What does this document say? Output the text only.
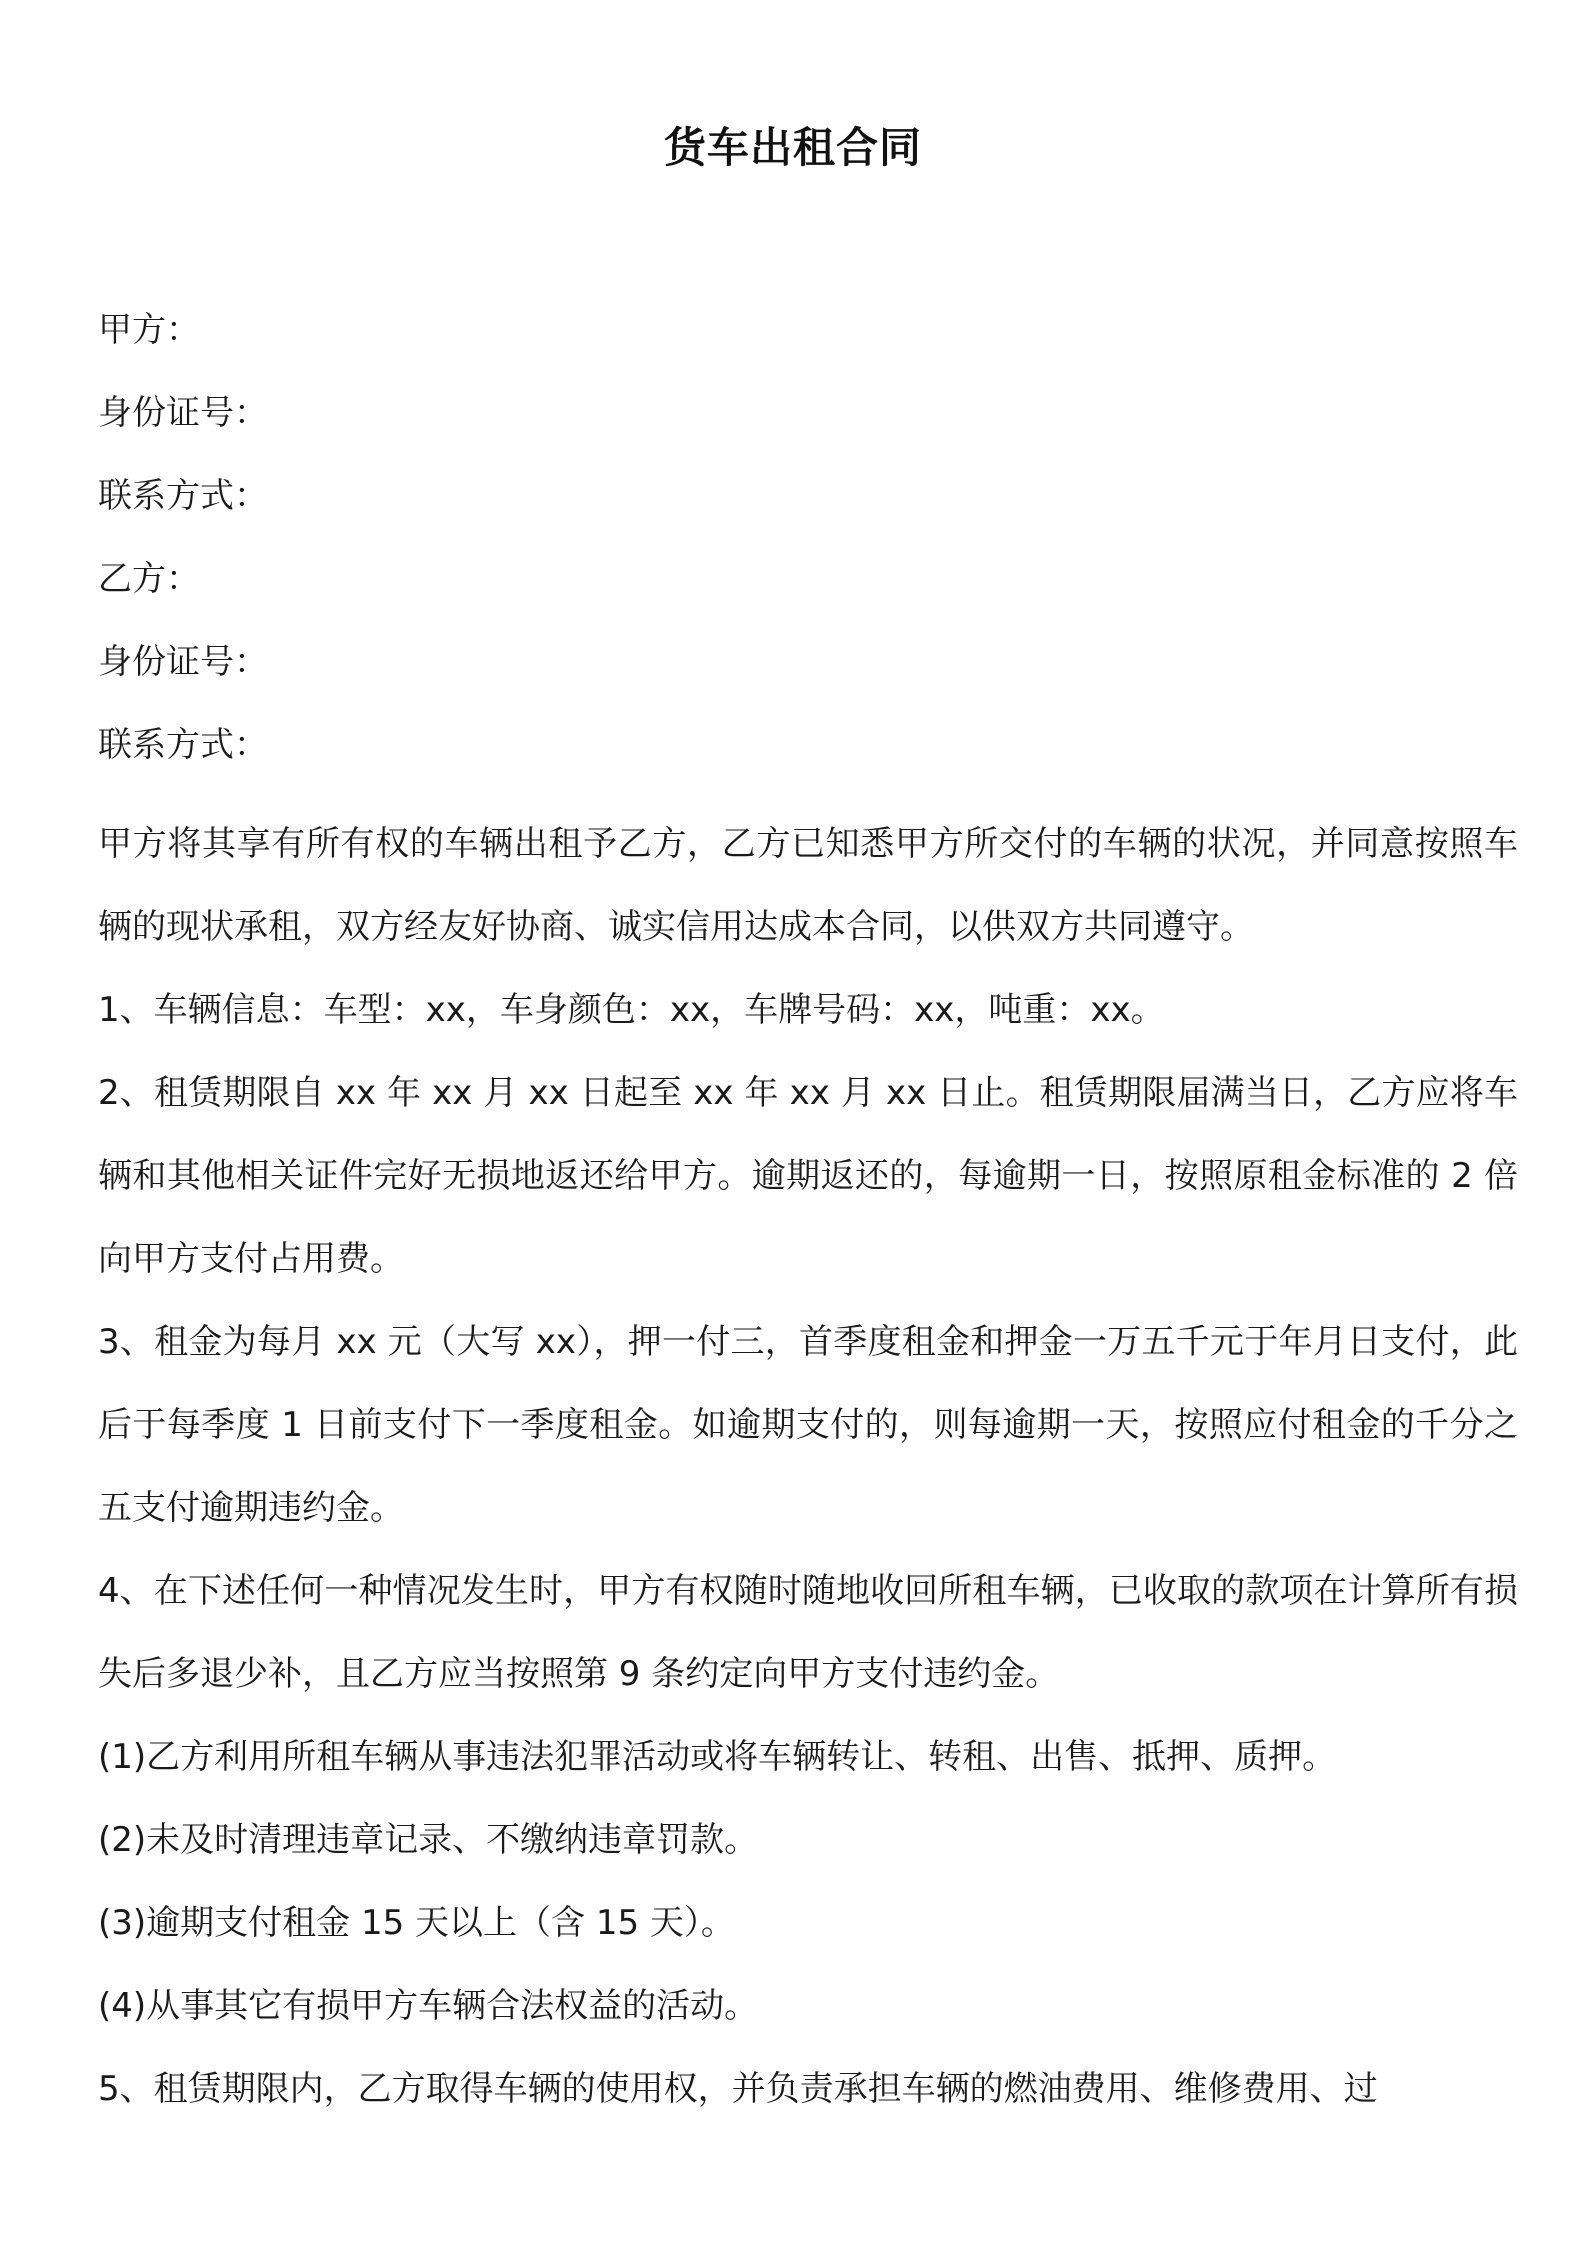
货车出租合同

甲方：

身份证号：

联系方式：

乙方：

身份证号：

联系方式：

甲方将其享有所有权的车辆出租予乙方，乙方已知悉甲方所交付的车辆的状况，并同意按照车辆的现状承租，双方经友好协商、诚实信用达成本合同，以供双方共同遵守。

1、车辆信息：车型：xx，车身颜色：xx，车牌号码：xx，吨重：xx。

2、租赁期限自 xx 年 xx 月 xx 日起至 xx 年 xx 月 xx 日止。租赁期限届满当日，乙方应将车辆和其他相关证件完好无损地返还给甲方。逾期返还的，每逾期一日，按照原租金标准的 2 倍向甲方支付占用费。

3、租金为每月 xx 元（大写 xx），押一付三，首季度租金和押金一万五千元于年月日支付，此后于每季度 1 日前支付下一季度租金。如逾期支付的，则每逾期一天，按照应付租金的千分之五支付逾期违约金。

4、在下述任何一种情况发生时，甲方有权随时随地收回所租车辆，已收取的款项在计算所有损失后多退少补，且乙方应当按照第 9 条约定向甲方支付违约金。

(1)乙方利用所租车辆从事违法犯罪活动或将车辆转让、转租、出售、抵押、质押。

(2)未及时清理违章记录、不缴纳违章罚款。

(3)逾期支付租金 15 天以上（含 15 天）。

(4)从事其它有损甲方车辆合法权益的活动。

5、租赁期限内，乙方取得车辆的使用权，并负责承担车辆的燃油费用、维修费用、过
